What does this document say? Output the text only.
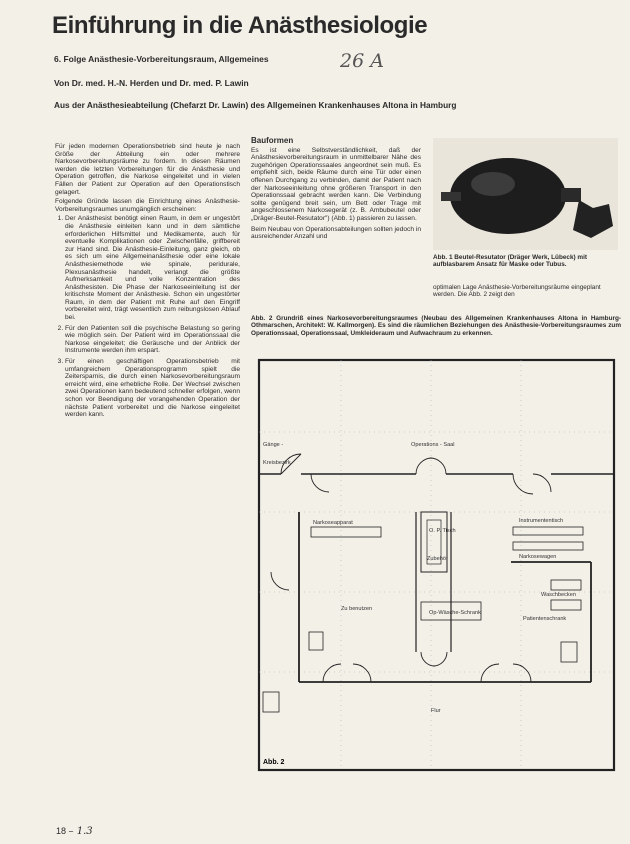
Einführung in die Anästhesiologie
6. Folge Anästhesie-Vorbereitungsraum, Allgemeines	26 A
Von Dr. med. H.-N. Herden und Dr. med. P. Lawin
Aus der Anästhesieabteilung (Chefarzt Dr. Lawin) des Allgemeinen Krankenhauses Altona in Hamburg

Für jeden modernen Operationsbetrieb sind heute je nach Größe der Abteilung ein oder mehrere Narkosevorbereitungsräume zu fordern. In diesen Räumen werden die letzten Vorbereitungen für die Anästhesie und Operation getroffen, die Narkose eingeleitet und in vielen Fällen der Patient zur Operation auf den Operationstisch gelagert.

Folgende Gründe lassen die Einrichtung eines Anästhesie-Vorbereitungsraumes unumgänglich erscheinen:

1. Der Anästhesist benötigt einen Raum, in dem er ungestört die Anästhesie einleiten kann und in dem sämtliche erforderlichen Hilfsmittel und Medikamente, auch für eventuelle Komplikationen oder Zwischenfälle, griffbereit zur Hand sind. Die Anästhesie-Einleitung, ganz gleich, ob es sich um eine Allgemeinanästhesie oder eine lokale Anästhesiemethode wie spinale, peridurale, Plexusanästhesie handelt, verlangt die größte Aufmerksamkeit und volle Konzentration des Anästhesisten. Die Phase der Narkoseeinleitung ist der kritischste Moment der Anästhesie. Schon ein ungestörter Raum, in dem der Patient mit Ruhe auf den Eingriff vorbereitet wird, trägt wesentlich zum reibungslosen Ablauf bei.
2. Für den Patienten soll die psychische Belastung so gering wie möglich sein. Der Patient wird im Operationssaal die Narkose eingeleitet; die Geräusche und der Anblick der Instrumente werden ihm erspart.
3. Für einen geschäftigen Operationsbetrieb mit umfangreichem Operationsprogramm spielt die Zeitersparnis, die durch einen Narkosevorbereitungsraum erreicht wird, eine erhebliche Rolle. Der Wechsel zwischen zwei Operationen kann bedeutend schneller erfolgen, wenn schon vor Beendigung der vorangehenden Operation der nächste Patient vorbereitet und die Narkose eingeleitet werden kann.
Bauformen

Es ist eine Selbstverständlichkeit, daß der Anästhesievorbereitungsraum in unmittelbarer Nähe des zugehörigen Operationssaales angeordnet sein muß. Es empfiehlt sich, beide Räume durch eine Tür oder einen offenen Durchgang zu verbinden, damit der Patient nach der Narkoseeinleitung ohne größeren Transport in den Operationssaal gebracht werden kann. Die Verbindung sollte genügend breit sein, um Bett oder Trage mit angeschlossenem Narkosegerät (z. B. Ambubeutel oder „Dräger-Beutel-Resutator") (Abb. 1) passieren zu lassen.

Beim Neubau von Operationsabteilungen sollten jedoch in ausreichender Anzahl und

Abb. 1 Beutel-Resutator (Dräger Werk, Lübeck) mit aufblasbarem Ansatz für Maske oder Tubus.
optimalen Lage Anästhesie-Vorbereitungsräume eingeplant werden. Die Abb. 2 zeigt den
Abb. 2 Grundriß eines Narkosevorbereitungsraumes (Neubau des Allgemeinen Krankenhauses Altona in Hamburg-Othmarschen, Architekt: W. Kallmorgen). Es sind die räumlichen Beziehungen des Anästhesie-Vorbereitungsraumes zum Operationssaal, Operationssaal, Umkleideraum und Aufwachraum zu erkennen.
Gänge -
Kreisbezirk
Operations - Saal
Narkoseapparat
O. P. Tisch
Zubehör
Instrumententisch
Narkosewagen
Waschbecken
Zu benutzen
Op-Wäsche-Schrank
Patientenschrank
Flur
Abb. 2
18 – 1.3
